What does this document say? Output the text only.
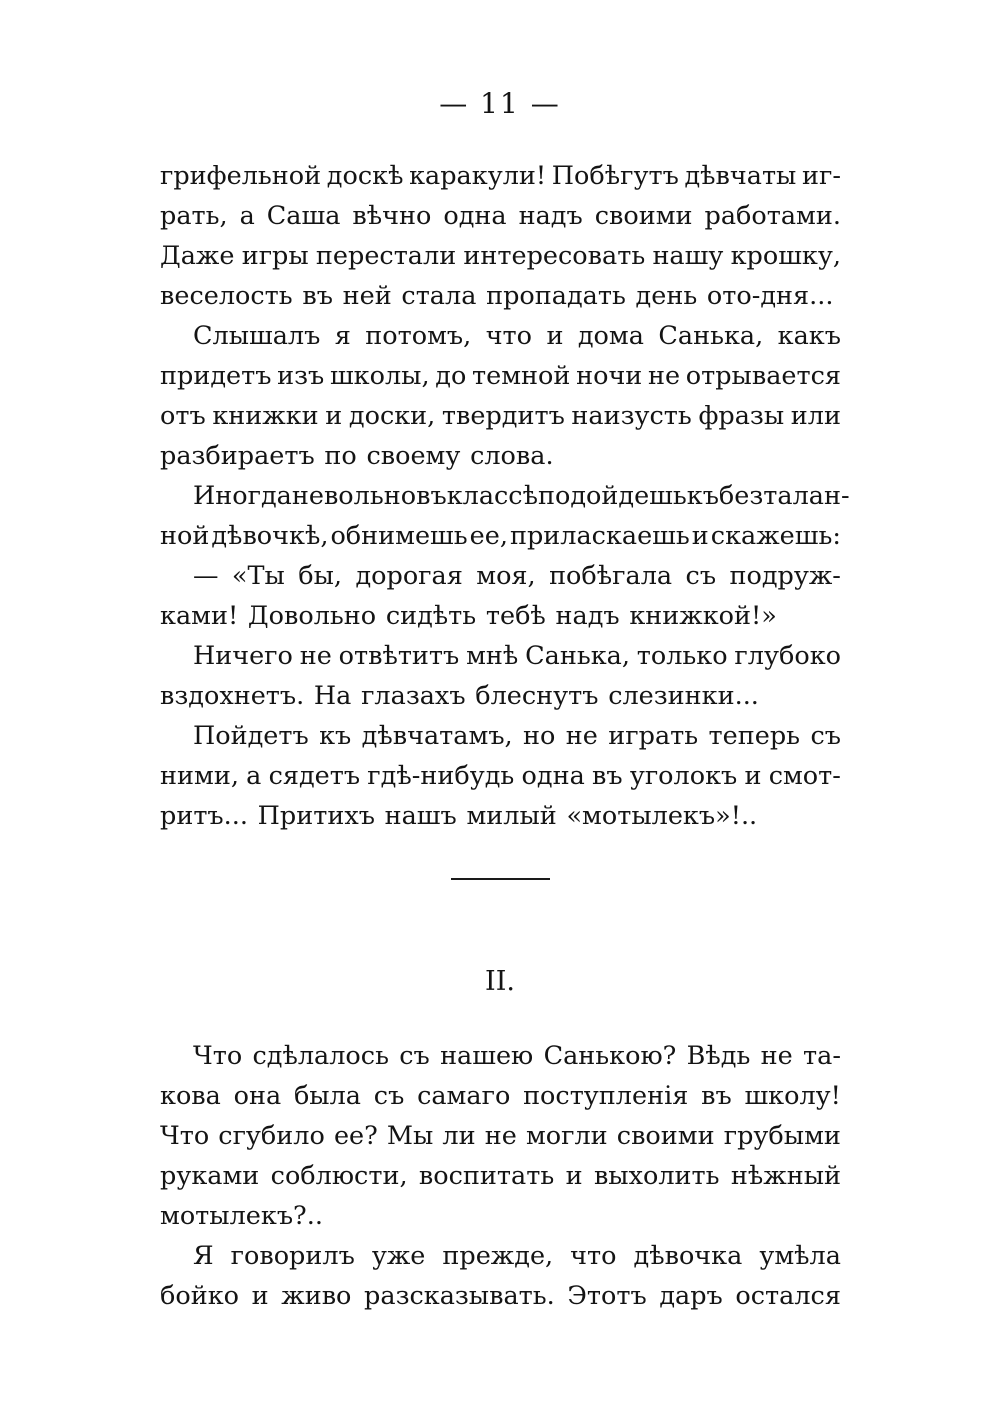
— 11 —
грифельной доскѣ каракули! Побѣгутъ дѣвчаты иг-
рать, а Саша вѣчно одна надъ своими работами.
Даже игры перестали интересовать нашу крошку,
веселость въ ней стала пропадать день ото-дня...
Слышалъ я потомъ, что и дома Санька, какъ
придетъ изъ школы, до темной ночи не отрывается
отъ книжки и доски, твердитъ наизусть фразы или
разбираетъ по своему слова.
Иногда невольно въ классѣ подойдешь къ безталан-
ной дѣвочкѣ, обнимешь ее, приласкаешь и скажешь:
— «Ты бы, дорогая моя, побѣгала съ подруж-
ками! Довольно сидѣть тебѣ надъ книжкой!»
Ничего не отвѣтитъ мнѣ Санька, только глубоко
вздохнетъ. На глазахъ блеснутъ слезинки...
Пойдетъ къ дѣвчатамъ, но не играть теперь съ
ними, а сядетъ гдѣ-нибудь одна въ уголокъ и смот-
ритъ... Притихъ нашъ милый «мотылекъ»!..
II.
Что сдѣлалось съ нашею Санькою? Вѣдь не та-
кова она была съ самаго поступленія въ школу!
Что сгубило ее? Мы ли не могли своими грубыми
руками соблюсти, воспитать и выхолить нѣжный
мотылекъ?..
Я говорилъ уже прежде, что дѣвочка умѣла
бойко и живо разсказывать. Этотъ даръ остался
